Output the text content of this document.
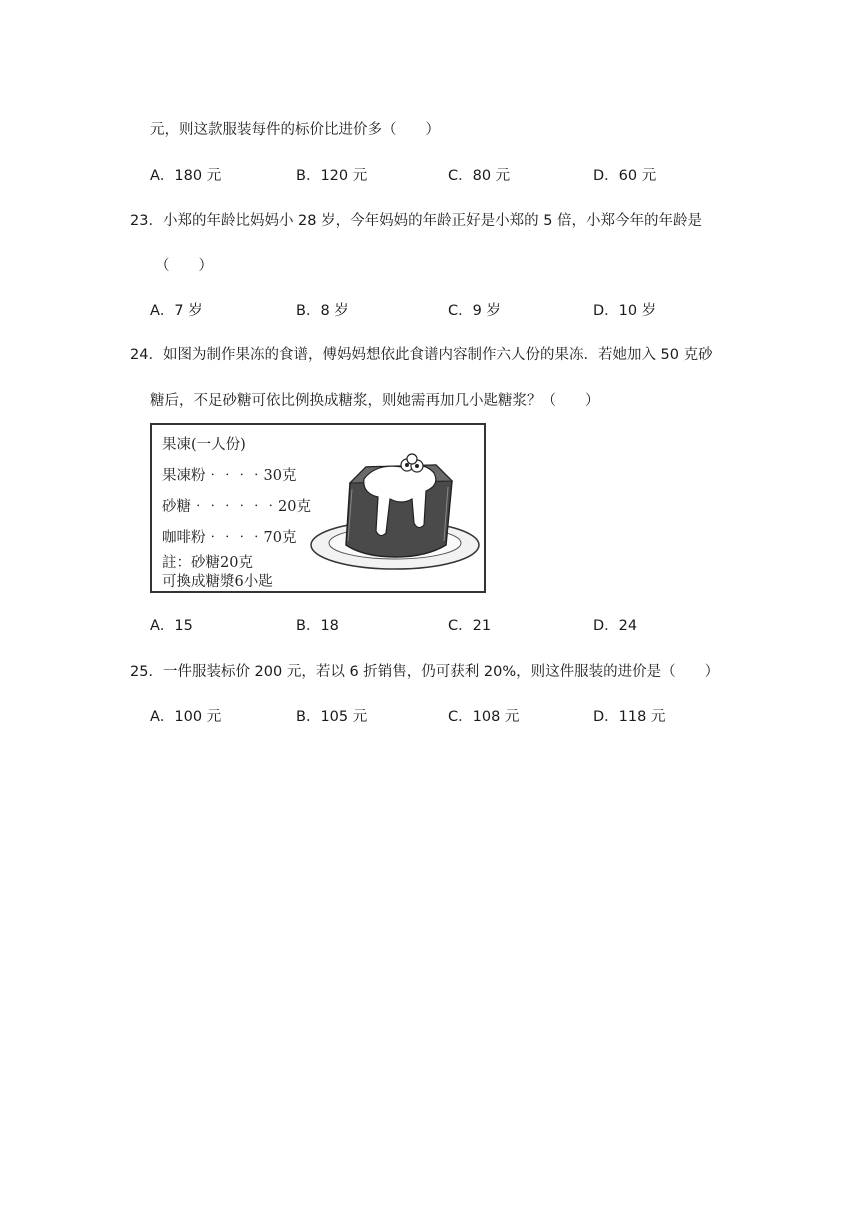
元，则这款服装每件的标价比进价多（　　）
A．180 元	B．120 元	C．80 元	D．60 元
23．小郑的年龄比妈妈小 28 岁，今年妈妈的年龄正好是小郑的 5 倍，小郑今年的年龄是
（　　）
A．7 岁	B．8 岁	C．9 岁	D．10 岁
24．如图为制作果冻的食谱，傅妈妈想依此食谱内容制作六人份的果冻．若她加入 50 克砂
糖后，不足砂糖可依比例换成糖浆，则她需再加几小匙糖浆？（　　）
果凍(一人份)
果凍粉‧‧‧‧30克
砂糖‧‧‧‧‧‧20克
咖啡粉‧‧‧‧70克
註：砂糖20克
可換成糖漿6小匙
A．15	B．18	C．21	D．24
25．一件服装标价 200 元，若以 6 折销售，仍可获利 20%，则这件服装的进价是（　　）
A．100 元	B．105 元	C．108 元	D．118 元
